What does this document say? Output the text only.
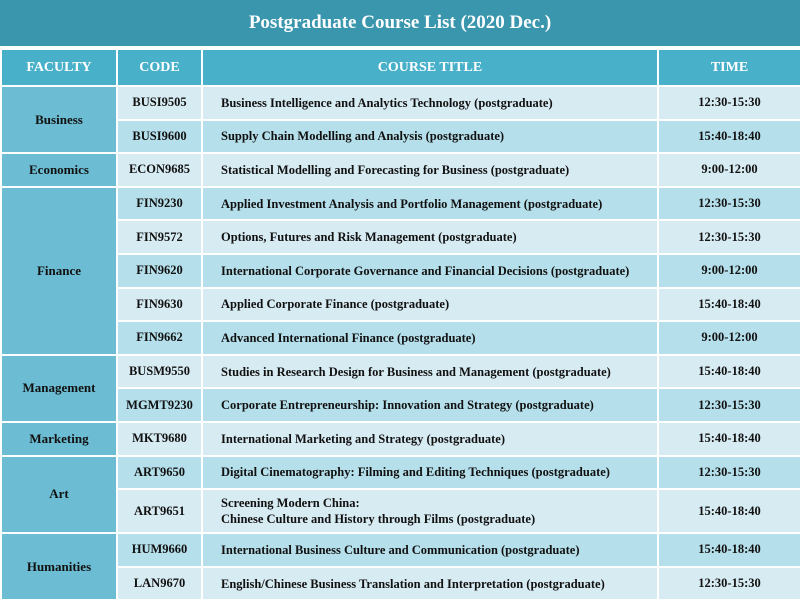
Postgraduate Course List (2020 Dec.)
FACULTY	CODE	COURSE TITLE	TIME
Business	BUSI9505	Business Intelligence and Analytics Technology (postgraduate)	12:30-15:30
	BUSI9600	Supply Chain Modelling and Analysis (postgraduate)	15:40-18:40
Economics	ECON9685	Statistical Modelling and Forecasting for Business (postgraduate)	9:00-12:00
Finance	FIN9230	Applied Investment Analysis and Portfolio Management (postgraduate)	12:30-15:30
	FIN9572	Options, Futures and Risk Management (postgraduate)	12:30-15:30
	FIN9620	International Corporate Governance and Financial Decisions (postgraduate)	9:00-12:00
	FIN9630	Applied Corporate Finance (postgraduate)	15:40-18:40
	FIN9662	Advanced International Finance (postgraduate)	9:00-12:00
Management	BUSM9550	Studies in Research Design for Business and Management (postgraduate)	15:40-18:40
	MGMT9230	Corporate Entrepreneurship: Innovation and Strategy (postgraduate)	12:30-15:30
Marketing	MKT9680	International Marketing and Strategy (postgraduate)	15:40-18:40
Art	ART9650	Digital Cinematography: Filming and Editing Techniques (postgraduate)	12:30-15:30
	ART9651	Screening Modern China:
Chinese Culture and History through Films (postgraduate)	15:40-18:40
Humanities	HUM9660	International Business Culture and Communication (postgraduate)	15:40-18:40
	LAN9670	English/Chinese Business Translation and Interpretation (postgraduate)	12:30-15:30
